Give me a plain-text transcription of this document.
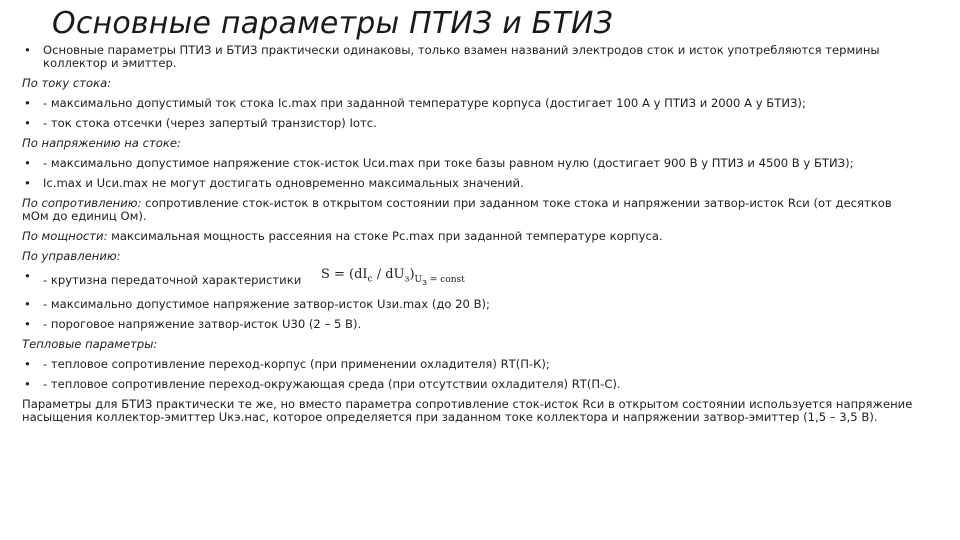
Основные параметры ПТИЗ и БТИЗ
•	Основные параметры ПТИЗ и БТИЗ практически одинаковы, только взамен названий электродов сток и исток употребляются термины
коллектор и эмиттер.
По току стока:
•	- максимально допустимый ток стока Iс.max при заданной температуре корпуса (достигает 100 А у ПТИЗ и 2000 А у БТИЗ);
•	- ток стока отсечки (через запертый транзистор) Iотс.
По напряжению на стоке:
•	- максимально допустимое напряжение сток-исток Uси.max при токе базы равном нулю (достигает 900 В у ПТИЗ и 4500 В у БТИЗ);
•	Iс.max и Uси.max не могут достигать одновременно максимальных значений.
По сопротивлению: сопротивление сток-исток в открытом состоянии при заданном токе стока и напряжении затвор-исток Rси (от десятков
мОм до единиц Ом).
По мощности: максимальная мощность рассеяния на стоке Pс.max при заданной температуре корпуса.
По управлению:
•	- крутизна передаточной характеристики $S = (dI_c / dU_з)_{U_з = const}$
•	- максимально допустимое напряжение затвор-исток Uзи.max (до 20 В);
•	- пороговое напряжение затвор-исток U30 (2 – 5 В).
Тепловые параметры:
•	- тепловое сопротивление переход-корпус (при применении охладителя) RТ(П-К);
•	- тепловое сопротивление переход-окружающая среда (при отсутствии охладителя) RТ(П-С).
Параметры для БТИЗ практически те же, но вместо параметра сопротивление сток-исток Rси в открытом состоянии используется напряжение
насыщения коллектор-эмиттер Uкэ.нас, которое определяется при заданном токе коллектора и напряжении затвор-эмиттер (1,5 – 3,5 В).
